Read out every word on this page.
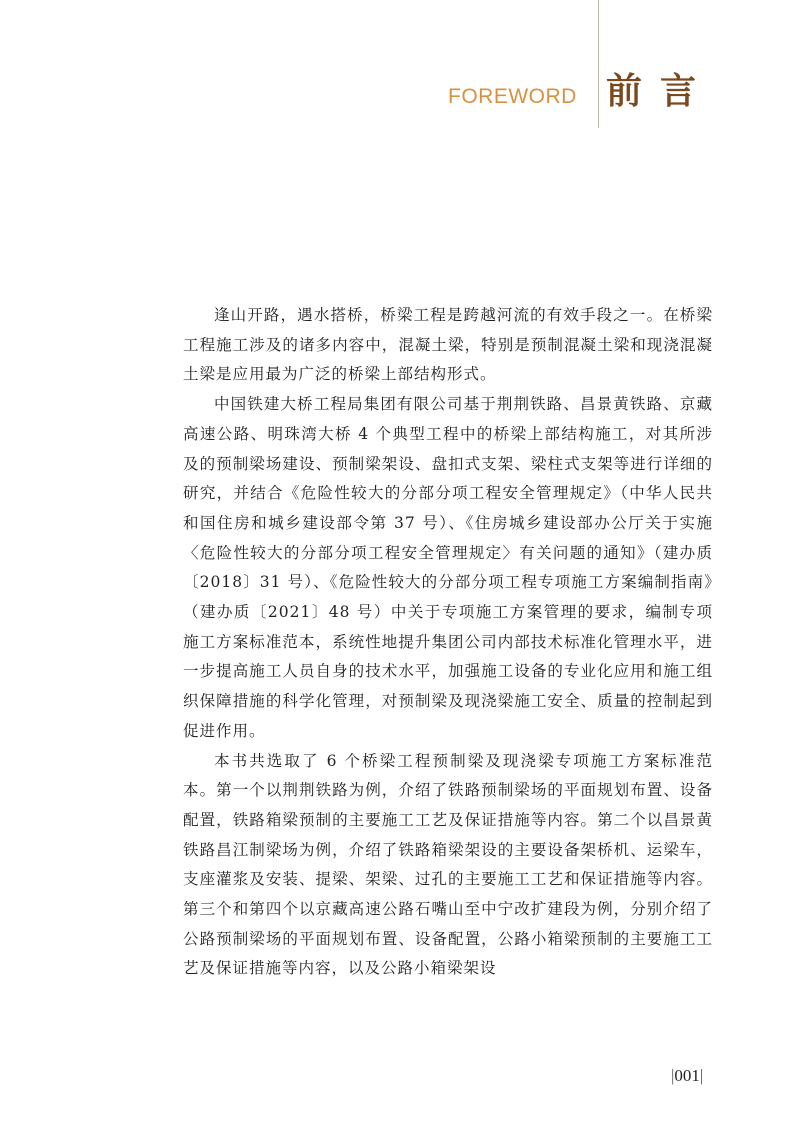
FOREWORD 前言

逢山开路，遇水搭桥，桥梁工程是跨越河流的有效手段之一。在桥梁工程施工涉及的诸多内容中，混凝土梁，特别是预制混凝土梁和现浇混凝土梁是应用最为广泛的桥梁上部结构形式。

中国铁建大桥工程局集团有限公司基于荆荆铁路、昌景黄铁路、京藏高速公路、明珠湾大桥 4 个典型工程中的桥梁上部结构施工，对其所涉及的预制梁场建设、预制梁架设、盘扣式支架、梁柱式支架等进行详细的研究，并结合《危险性较大的分部分项工程安全管理规定》（中华人民共和国住房和城乡建设部令第 37 号）、《住房城乡建设部办公厅关于实施〈危险性较大的分部分项工程安全管理规定〉有关问题的通知》（建办质〔2018〕31 号）、《危险性较大的分部分项工程专项施工方案编制指南》（建办质〔2021〕48 号）中关于专项施工方案管理的要求，编制专项施工方案标准范本，系统性地提升集团公司内部技术标准化管理水平，进一步提高施工人员自身的技术水平，加强施工设备的专业化应用和施工组织保障措施的科学化管理，对预制梁及现浇梁施工安全、质量的控制起到促进作用。

本书共选取了 6 个桥梁工程预制梁及现浇梁专项施工方案标准范本。第一个以荆荆铁路为例，介绍了铁路预制梁场的平面规划布置、设备配置，铁路箱梁预制的主要施工工艺及保证措施等内容。第二个以昌景黄铁路昌江制梁场为例，介绍了铁路箱梁架设的主要设备架桥机、运梁车，支座灌浆及安装、提梁、架梁、过孔的主要施工工艺和保证措施等内容。第三个和第四个以京藏高速公路石嘴山至中宁改扩建段为例，分别介绍了公路预制梁场的平面规划布置、设备配置，公路小箱梁预制的主要施工工艺及保证措施等内容，以及公路小箱梁架设

|001|
